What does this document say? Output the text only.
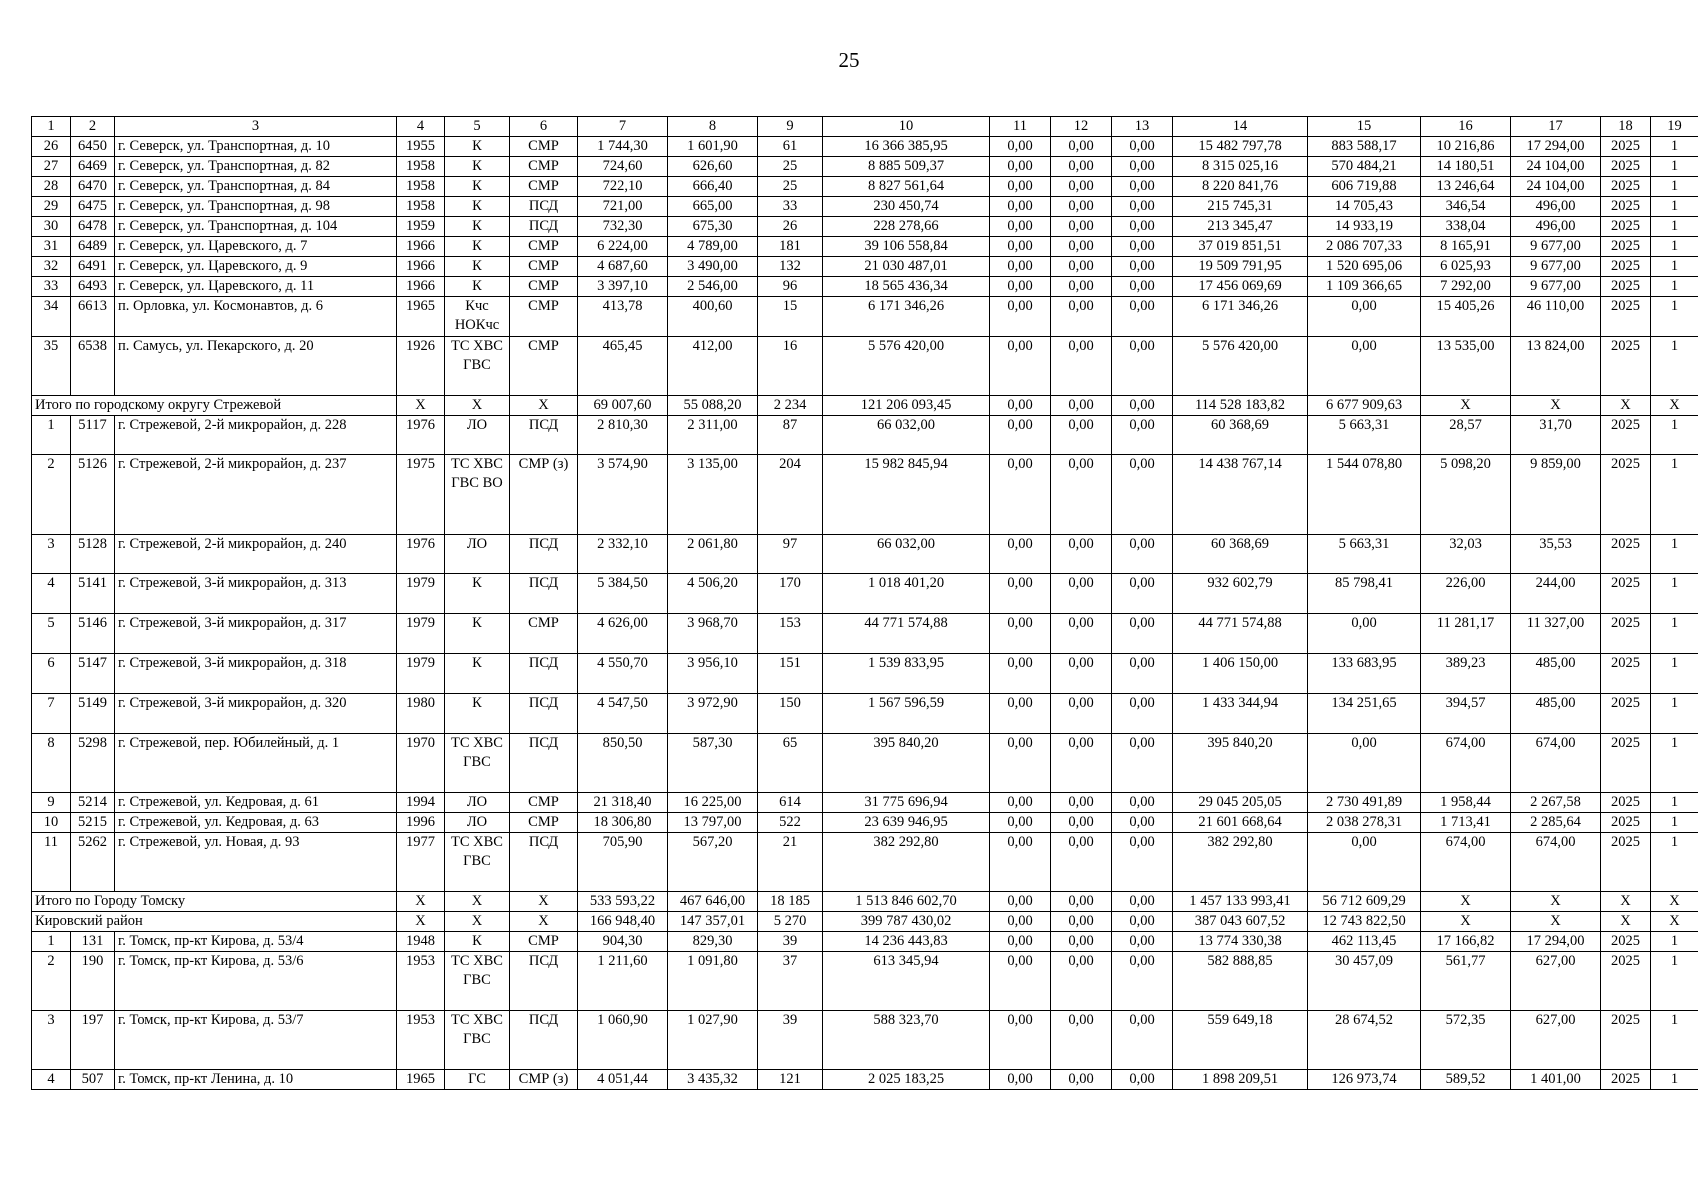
25
1	2	3	4	5	6	7	8	9	10	11	12	13	14	15	16	17	18	19
26	6450	г. Северск, ул. Транспортная, д. 10	1955	К	СМР	1 744,30	1 601,90	61	16 366 385,95	0,00	0,00	0,00	15 482 797,78	883 588,17	10 216,86	17 294,00	2025	1
27	6469	г. Северск, ул. Транспортная, д. 82	1958	К	СМР	724,60	626,60	25	8 885 509,37	0,00	0,00	0,00	8 315 025,16	570 484,21	14 180,51	24 104,00	2025	1
28	6470	г. Северск, ул. Транспортная, д. 84	1958	К	СМР	722,10	666,40	25	8 827 561,64	0,00	0,00	0,00	8 220 841,76	606 719,88	13 246,64	24 104,00	2025	1
29	6475	г. Северск, ул. Транспортная, д. 98	1958	К	ПСД	721,00	665,00	33	230 450,74	0,00	0,00	0,00	215 745,31	14 705,43	346,54	496,00	2025	1
30	6478	г. Северск, ул. Транспортная, д. 104	1959	К	ПСД	732,30	675,30	26	228 278,66	0,00	0,00	0,00	213 345,47	14 933,19	338,04	496,00	2025	1
31	6489	г. Северск, ул. Царевского, д. 7	1966	К	СМР	6 224,00	4 789,00	181	39 106 558,84	0,00	0,00	0,00	37 019 851,51	2 086 707,33	8 165,91	9 677,00	2025	1
32	6491	г. Северск, ул. Царевского, д. 9	1966	К	СМР	4 687,60	3 490,00	132	21 030 487,01	0,00	0,00	0,00	19 509 791,95	1 520 695,06	6 025,93	9 677,00	2025	1
33	6493	г. Северск, ул. Царевского, д. 11	1966	К	СМР	3 397,10	2 546,00	96	18 565 436,34	0,00	0,00	0,00	17 456 069,69	1 109 366,65	7 292,00	9 677,00	2025	1
34	6613	п. Орловка, ул. Космонавтов, д. 6	1965	Кчс НОКчс	СМР	413,78	400,60	15	6 171 346,26	0,00	0,00	0,00	6 171 346,26	0,00	15 405,26	46 110,00	2025	1
35	6538	п. Самусь, ул. Пекарского, д. 20	1926	ТС ХВС ГВС	СМР	465,45	412,00	16	5 576 420,00	0,00	0,00	0,00	5 576 420,00	0,00	13 535,00	13 824,00	2025	1
Итого по городскому округу Стрежевой			X	X	X	69 007,60	55 088,20	2 234	121 206 093,45	0,00	0,00	0,00	114 528 183,82	6 677 909,63	X	X	X	X
1	5117	г. Стрежевой, 2-й микрорайон, д. 228	1976	ЛО	ПСД	2 810,30	2 311,00	87	66 032,00	0,00	0,00	0,00	60 368,69	5 663,31	28,57	31,70	2025	1
2	5126	г. Стрежевой, 2-й микрорайон, д. 237	1975	ТС ХВС ГВС ВО	СМР (з)	3 574,90	3 135,00	204	15 982 845,94	0,00	0,00	0,00	14 438 767,14	1 544 078,80	5 098,20	9 859,00	2025	1
3	5128	г. Стрежевой, 2-й микрорайон, д. 240	1976	ЛО	ПСД	2 332,10	2 061,80	97	66 032,00	0,00	0,00	0,00	60 368,69	5 663,31	32,03	35,53	2025	1
4	5141	г. Стрежевой, 3-й микрорайон, д. 313	1979	К	ПСД	5 384,50	4 506,20	170	1 018 401,20	0,00	0,00	0,00	932 602,79	85 798,41	226,00	244,00	2025	1
5	5146	г. Стрежевой, 3-й микрорайон, д. 317	1979	К	СМР	4 626,00	3 968,70	153	44 771 574,88	0,00	0,00	0,00	44 771 574,88	0,00	11 281,17	11 327,00	2025	1
6	5147	г. Стрежевой, 3-й микрорайон, д. 318	1979	К	ПСД	4 550,70	3 956,10	151	1 539 833,95	0,00	0,00	0,00	1 406 150,00	133 683,95	389,23	485,00	2025	1
7	5149	г. Стрежевой, 3-й микрорайон, д. 320	1980	К	ПСД	4 547,50	3 972,90	150	1 567 596,59	0,00	0,00	0,00	1 433 344,94	134 251,65	394,57	485,00	2025	1
8	5298	г. Стрежевой, пер. Юбилейный, д. 1	1970	ТС ХВС ГВС	ПСД	850,50	587,30	65	395 840,20	0,00	0,00	0,00	395 840,20	0,00	674,00	674,00	2025	1
9	5214	г. Стрежевой, ул. Кедровая, д. 61	1994	ЛО	СМР	21 318,40	16 225,00	614	31 775 696,94	0,00	0,00	0,00	29 045 205,05	2 730 491,89	1 958,44	2 267,58	2025	1
10	5215	г. Стрежевой, ул. Кедровая, д. 63	1996	ЛО	СМР	18 306,80	13 797,00	522	23 639 946,95	0,00	0,00	0,00	21 601 668,64	2 038 278,31	1 713,41	2 285,64	2025	1
11	5262	г. Стрежевой, ул. Новая, д. 93	1977	ТС ХВС ГВС	ПСД	705,90	567,20	21	382 292,80	0,00	0,00	0,00	382 292,80	0,00	674,00	674,00	2025	1
Итого по Городу Томску			X	X	X	533 593,22	467 646,00	18 185	1 513 846 602,70	0,00	0,00	0,00	1 457 133 993,41	56 712 609,29	X	X	X	X
Кировский район			X	X	X	166 948,40	147 357,01	5 270	399 787 430,02	0,00	0,00	0,00	387 043 607,52	12 743 822,50	X	X	X	X
1	131	г. Томск, пр-кт Кирова, д. 53/4	1948	К	СМР	904,30	829,30	39	14 236 443,83	0,00	0,00	0,00	13 774 330,38	462 113,45	17 166,82	17 294,00	2025	1
2	190	г. Томск, пр-кт Кирова, д. 53/6	1953	ТС ХВС ГВС	ПСД	1 211,60	1 091,80	37	613 345,94	0,00	0,00	0,00	582 888,85	30 457,09	561,77	627,00	2025	1
3	197	г. Томск, пр-кт Кирова, д. 53/7	1953	ТС ХВС ГВС	ПСД	1 060,90	1 027,90	39	588 323,70	0,00	0,00	0,00	559 649,18	28 674,52	572,35	627,00	2025	1
4	507	г. Томск, пр-кт Ленина, д. 10	1965	ГС	СМР (з)	4 051,44	3 435,32	121	2 025 183,25	0,00	0,00	0,00	1 898 209,51	126 973,74	589,52	1 401,00	2025	1
